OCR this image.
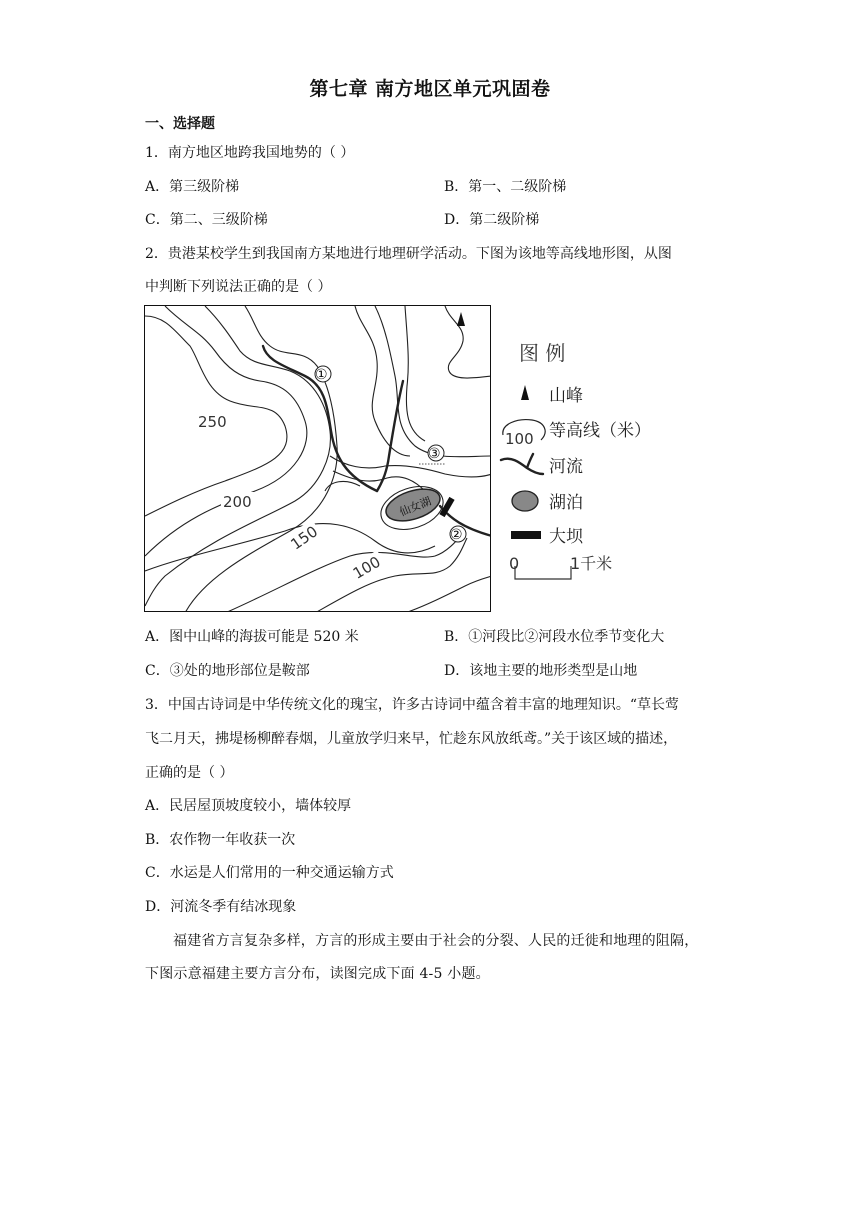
第七章 南方地区单元巩固卷
一、选择题
1．南方地区地跨我国地势的（ ）
A．第三级阶梯	B．第一、二级阶梯
C．第二、三级阶梯	D．第二级阶梯
2．贵港某校学生到我国南方某地进行地理研学活动。下图为该地等高线地形图，从图
中判断下列说法正确的是（ ）
仙女湖
①
③
②
250
200
150
100
图 例
山峰
100 等高线（米）
河流
湖泊
大坝
0	1千米
A．图中山峰的海拔可能是 520 米	B．①河段比②河段水位季节变化大
C．③处的地形部位是鞍部	D．该地主要的地形类型是山地
3．中国古诗词是中华传统文化的瑰宝，许多古诗词中蕴含着丰富的地理知识。“草长莺
飞二月天，拂堤杨柳醉春烟，儿童放学归来早，忙趁东风放纸鸢。”关于该区域的描述，
正确的是（ ）
A．民居屋顶坡度较小，墙体较厚
B．农作物一年收获一次
C．水运是人们常用的一种交通运输方式
D．河流冬季有结冰现象
福建省方言复杂多样，方言的形成主要由于社会的分裂、人民的迁徙和地理的阻隔，
下图示意福建主要方言分布，读图完成下面 4-5 小题。
